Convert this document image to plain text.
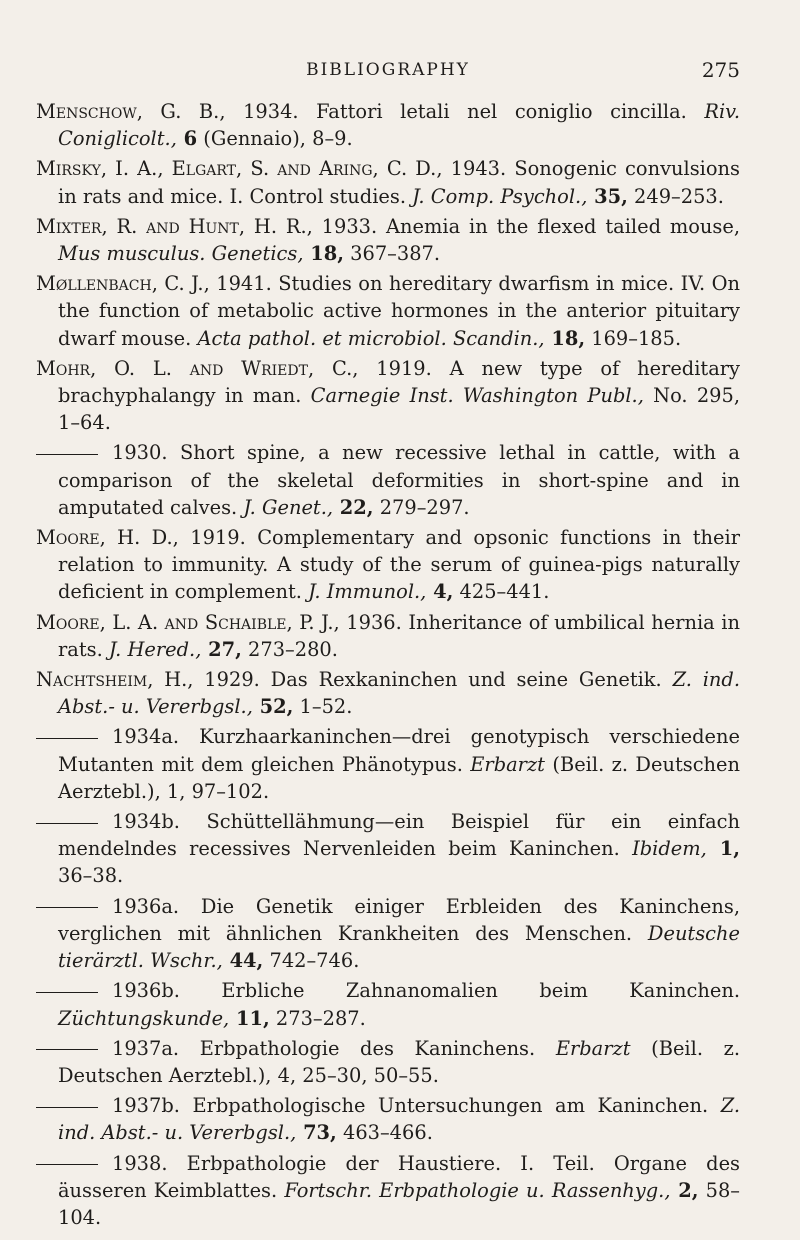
BIBLIOGRAPHY	275

Menschow, G. B., 1934. Fattori letali nel coniglio cincilla. Riv. Coniglicolt., 6 (Gennaio), 8–9.

Mirsky, I. A., Elgart, S. and Aring, C. D., 1943. Sonogenic convulsions in rats and mice. I. Control studies. J. Comp. Psychol., 35, 249–253.

Mixter, R. and Hunt, H. R., 1933. Anemia in the flexed tailed mouse, Mus musculus. Genetics, 18, 367–387.

Møllenbach, C. J., 1941. Studies on hereditary dwarfism in mice. IV. On the function of metabolic active hormones in the anterior pituitary dwarf mouse. Acta pathol. et microbiol. Scandin., 18, 169–185.

Mohr, O. L. and Wriedt, C., 1919. A new type of hereditary brachyphalangy in man. Carnegie Inst. Washington Publ., No. 295, 1–64.

1930. Short spine, a new recessive lethal in cattle, with a comparison of the skeletal deformities in short-spine and in amputated calves. J. Genet., 22, 279–297.

Moore, H. D., 1919. Complementary and opsonic functions in their relation to immunity. A study of the serum of guinea-pigs naturally deficient in complement. J. Immunol., 4, 425–441.

Moore, L. A. and Schaible, P. J., 1936. Inheritance of umbilical hernia in rats. J. Hered., 27, 273–280.

Nachtsheim, H., 1929. Das Rexkaninchen und seine Genetik. Z. ind. Abst.- u. Vererbgsl., 52, 1–52.

1934a. Kurzhaarkaninchen—drei genotypisch verschiedene Mutanten mit dem gleichen Phänotypus. Erbarzt (Beil. z. Deutschen Aerztebl.), 1, 97–102.

1934b. Schüttellähmung—ein Beispiel für ein einfach mendelndes recessives Nervenleiden beim Kaninchen. Ibidem, 1, 36–38.

1936a. Die Genetik einiger Erbleiden des Kaninchens, verglichen mit ähnlichen Krankheiten des Menschen. Deutsche tierärztl. Wschr., 44, 742–746.

1936b. Erbliche Zahnanomalien beim Kaninchen. Züchtungskunde, 11, 273–287.

1937a. Erbpathologie des Kaninchens. Erbarzt (Beil. z. Deutschen Aerztebl.), 4, 25–30, 50–55.

1937b. Erbpathologische Untersuchungen am Kaninchen. Z. ind. Abst.- u. Vererbgsl., 73, 463–466.

1938. Erbpathologie der Haustiere. I. Teil. Organe des äusseren Keimblattes. Fortschr. Erbpathologie u. Rassenhyg., 2, 58–104.
